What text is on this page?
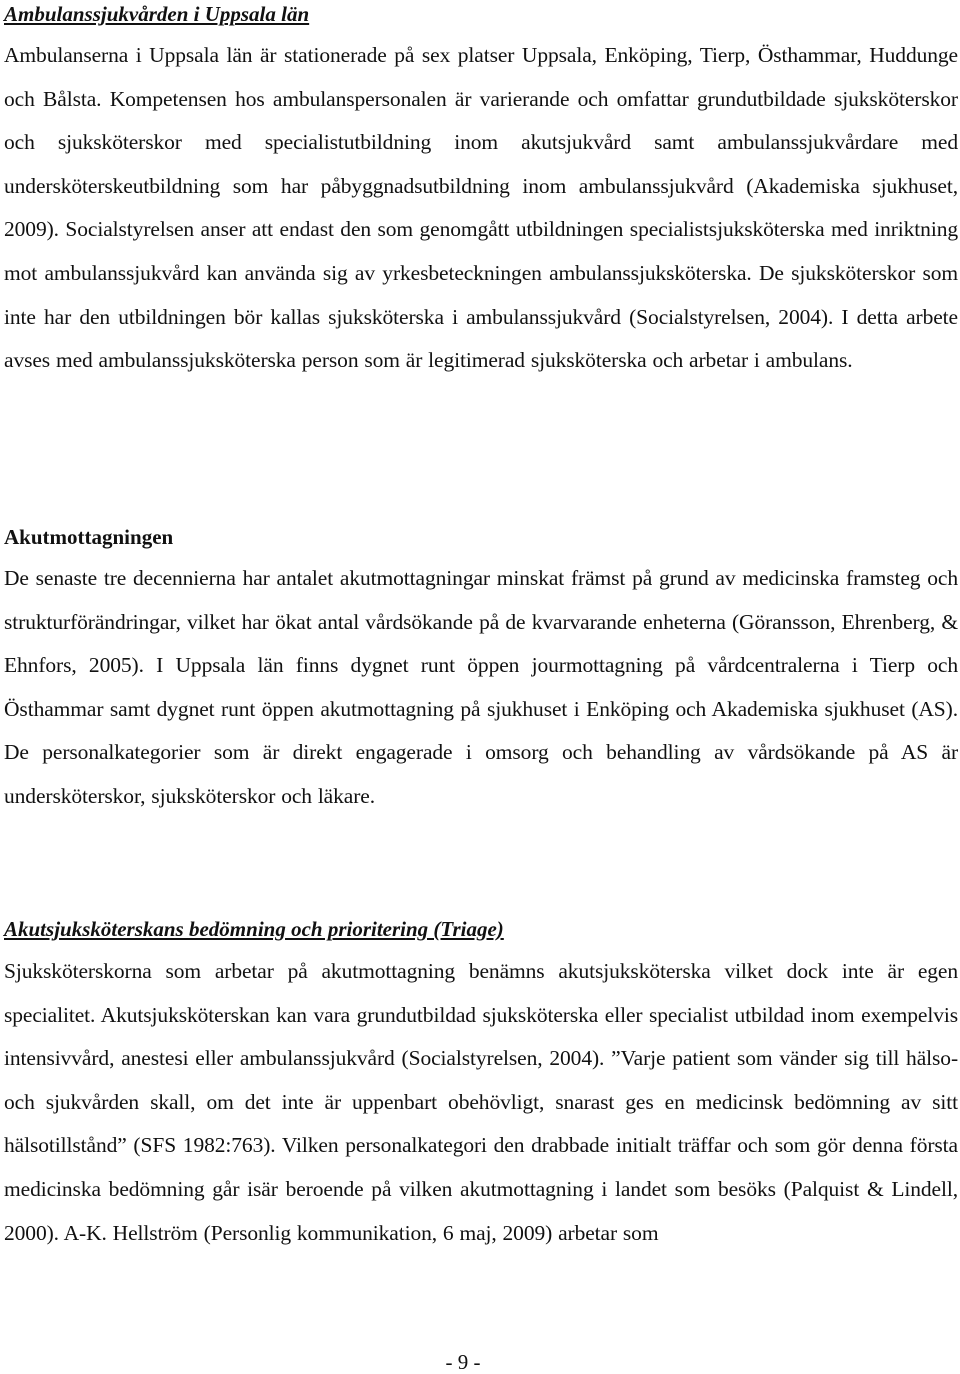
Ambulanssjukvården i Uppsala län

Ambulanserna i Uppsala län är stationerade på sex platser Uppsala, Enköping, Tierp, Östhammar, Huddunge och Bålsta. Kompetensen hos ambulanspersonalen är varierande och omfattar grundutbildade sjuksköterskor och sjuksköterskor med specialistutbildning inom akutsjukvård samt ambulanssjukvårdare med undersköterskeutbildning som har påbyggnadsutbildning inom ambulanssjukvård (Akademiska sjukhuset, 2009). Socialstyrelsen anser att endast den som genomgått utbildningen specialistsjuksköterska med inriktning mot ambulanssjukvård kan använda sig av yrkesbeteckningen ambulanssjuksköterska. De sjuksköterskor som inte har den utbildningen bör kallas sjuksköterska i ambulanssjukvård (Socialstyrelsen, 2004). I detta arbete avses med ambulanssjuksköterska person som är legitimerad sjuksköterska och arbetar i ambulans.

Akutmottagningen

De senaste tre decennierna har antalet akutmottagningar minskat främst på grund av medicinska framsteg och strukturförändringar, vilket har ökat antal vårdsökande på de kvarvarande enheterna (Göransson, Ehrenberg, & Ehnfors, 2005). I Uppsala län finns dygnet runt öppen jourmottagning på vårdcentralerna i Tierp och Östhammar samt dygnet runt öppen akutmottagning på sjukhuset i Enköping och Akademiska sjukhuset (AS). De personalkategorier som är direkt engagerade i omsorg och behandling av vårdsökande på AS är undersköterskor, sjuksköterskor och läkare.

Akutsjuksköterskans bedömning och prioritering (Triage)

Sjuksköterskorna som arbetar på akutmottagning benämns akutsjuksköterska vilket dock inte är egen specialitet. Akutsjuksköterskan kan vara grundutbildad sjuksköterska eller specialist utbildad inom exempelvis intensivvård, anestesi eller ambulanssjukvård (Socialstyrelsen, 2004). ”Varje patient som vänder sig till hälso- och sjukvården skall, om det inte är uppenbart obehövligt, snarast ges en medicinsk bedömning av sitt hälsotillstånd” (SFS 1982:763). Vilken personalkategori den drabbade initialt träffar och som gör denna första medicinska bedömning går isär beroende på vilken akutmottagning i landet som besöks (Palquist & Lindell, 2000). A-K. Hellström (Personlig kommunikation, 6 maj, 2009) arbetar som

- 9 -
